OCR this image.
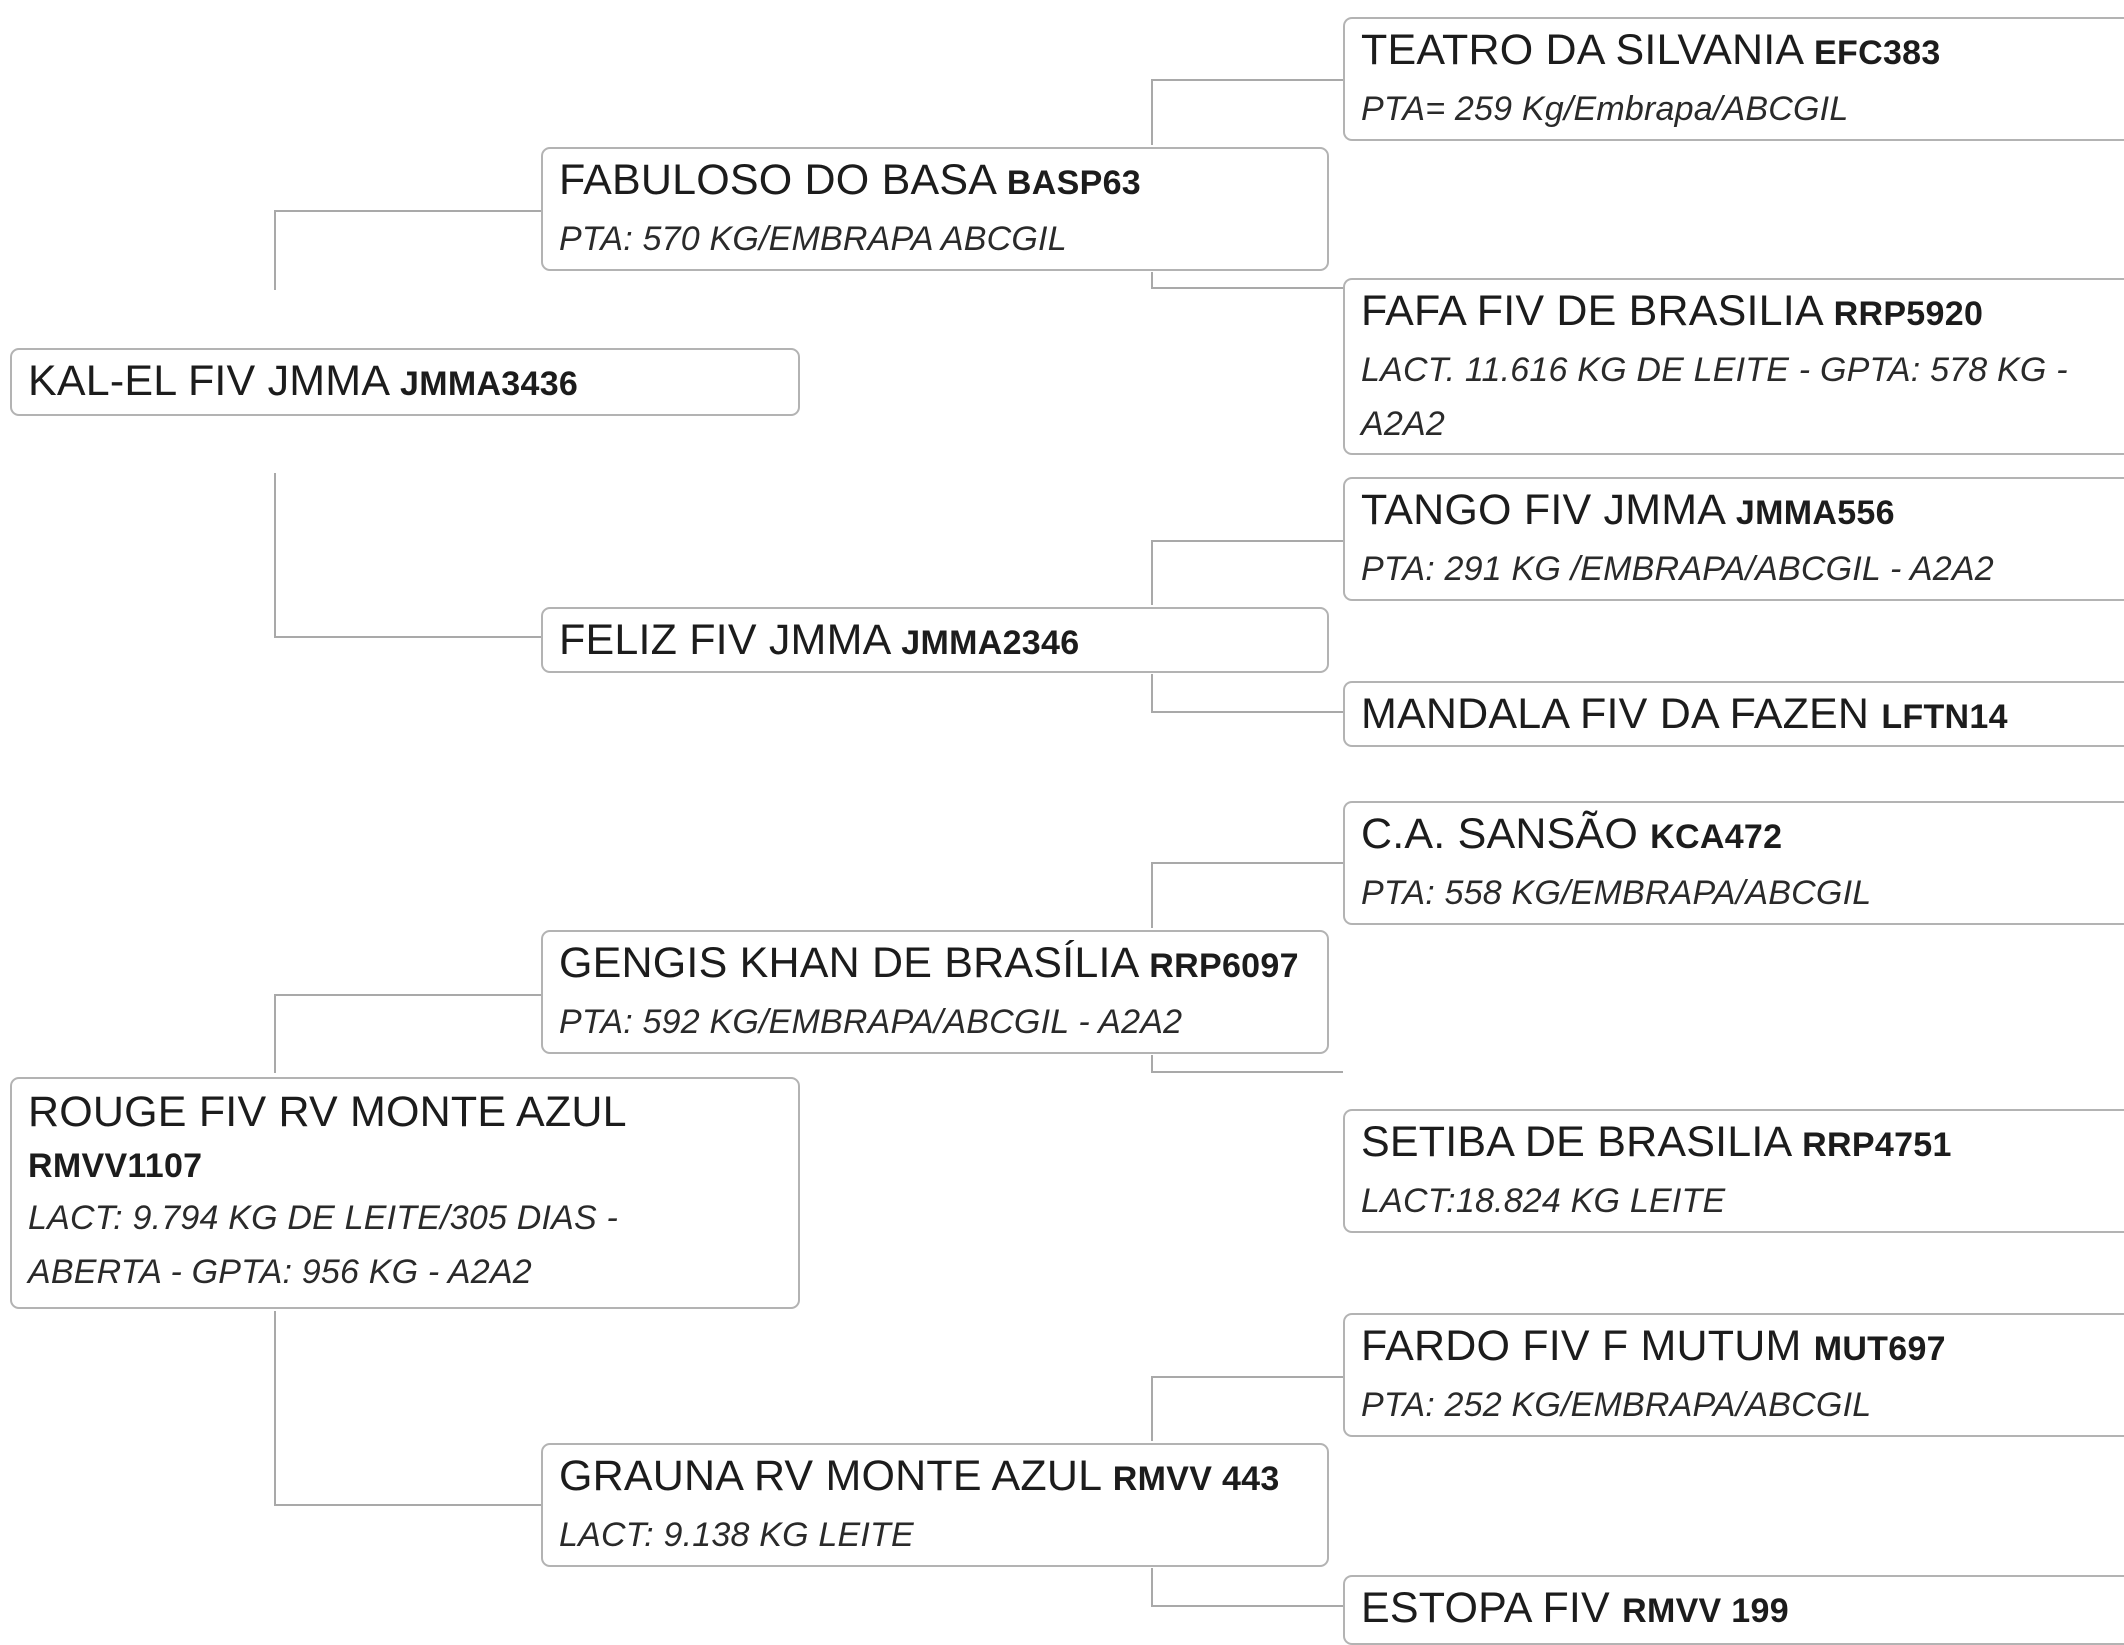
KAL-EL FIV JMMA JMMA3436
ROUGE FIV RV MONTE AZUL
RMVV1107
LACT: 9.794 KG DE LEITE/305 DIAS - ABERTA - GPTA: 956 KG - A2A2
FABULOSO DO BASA BASP63
PTA: 570 KG/EMBRAPA ABCGIL
FELIZ FIV JMMA JMMA2346
GENGIS KHAN DE BRASÍLIA RRP6097
PTA: 592 KG/EMBRAPA/ABCGIL - A2A2
GRAUNA RV MONTE AZUL RMVV 443
LACT: 9.138 KG LEITE
TEATRO DA SILVANIA EFC383
PTA= 259 Kg/Embrapa/ABCGIL
FAFA FIV DE BRASILIA RRP5920
LACT. 11.616 KG DE LEITE - GPTA: 578 KG - A2A2
TANGO FIV JMMA JMMA556
PTA: 291 KG /EMBRAPA/ABCGIL - A2A2
MANDALA FIV DA FAZEN LFTN14
C.A. SANSÃO KCA472
PTA: 558 KG/EMBRAPA/ABCGIL
SETIBA DE BRASILIA RRP4751
LACT:18.824 KG LEITE
FARDO FIV F MUTUM MUT697
PTA: 252 KG/EMBRAPA/ABCGIL
ESTOPA FIV RMVV 199
